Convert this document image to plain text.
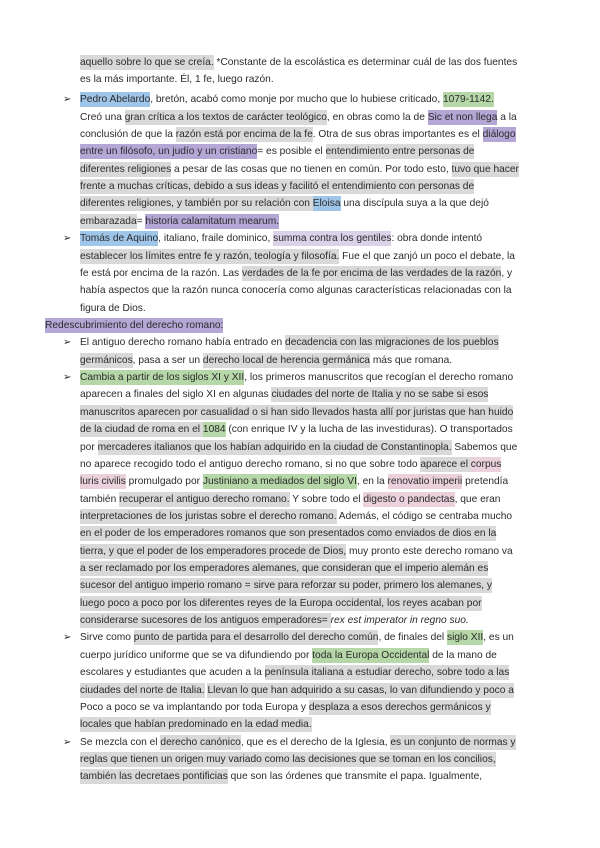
aquello sobre lo que se creía. *Constante de la escolástica es determinar cuál de las dos fuentes
es la más importante. Él, 1 fe, luego razón.
➢ Pedro Abelardo, bretón, acabó como monje por mucho que lo hubiese criticado, 1079-1142.
Creó una gran crítica a los textos de carácter teológico, en obras como la de Sic et non llega a la
conclusión de que la razón está por encima de la fe. Otra de sus obras importantes es el diálogo
entre un filósofo, un judío y un cristiano= es posible el entendimiento entre personas de
diferentes religiones a pesar de las cosas que no tienen en común. Por todo esto, tuvo que hacer
frente a muchas críticas, debido a sus ideas y facilitó el entendimiento con personas de
diferentes religiones, y también por su relación con Eloisa una discípula suya a la que dejó
embarazada= historia calamitatum mearum.
➢ Tomás de Aquino, italiano, fraile dominico, summa contra los gentiles: obra donde intentó
establecer los límites entre fe y razón, teología y filosofía. Fue el que zanjó un poco el debate, la
fe está por encima de la razón. Las verdades de la fe por encima de las verdades de la razón, y
había aspectos que la razón nunca conocería como algunas características relacionadas con la
figura de Dios.
Redescubrimiento del derecho romano:
➢ El antiguo derecho romano había entrado en decadencia con las migraciones de los pueblos
germánicos, pasa a ser un derecho local de herencia germánica más que romana.
➢ Cambia a partir de los siglos XI y XII, los primeros manuscritos que recogían el derecho romano
aparecen a finales del siglo XI en algunas ciudades del norte de Italia y no se sabe si esos
manuscritos aparecen por casualidad o si han sido llevados hasta allí por juristas que han huido
de la ciudad de roma en el 1084 (con enrique IV y la lucha de las investiduras). O transportados
por mercaderes italianos que los habían adquirido en la ciudad de Constantinopla. Sabemos que
no aparece recogido todo el antiguo derecho romano, si no que sobre todo aparece el corpus
luris civilis promulgado por Justiniano a mediados del siglo VI, en la renovatio imperii pretendía
también recuperar el antiguo derecho romano. Y sobre todo el digesto o pandectas, que eran
interpretaciones de los juristas sobre el derecho romano. Además, el código se centraba mucho
en el poder de los emperadores romanos que son presentados como enviados de dios en la
tierra, y que el poder de los emperadores procede de Dios, muy pronto este derecho romano va
a ser reclamado por los emperadores alemanes, que consideran que el imperio alemán es
sucesor del antiguo imperio romano = sirve para reforzar su poder, primero los alemanes, y
luego poco a poco por los diferentes reyes de la Europa occidental, los reyes acaban por
considerarse sucesores de los antiguos emperadores= rex est imperator in regno suo.
➢ Sirve como punto de partida para el desarrollo del derecho común, de finales del siglo XII, es un
cuerpo jurídico uniforme que se va difundiendo por toda la Europa Occidental de la mano de
escolares y estudiantes que acuden a la península italiana a estudiar derecho, sobre todo a las
ciudades del norte de Italia. Llevan lo que han adquirido a su casas, lo van difundiendo y poco a
Poco a poco se va implantando por toda Europa y desplaza a esos derechos germánicos y
locales que habían predominado en la edad media.
➢ Se mezcla con el derecho canónico, que es el derecho de la Iglesia, es un conjunto de normas y
reglas que tienen un origen muy variado como las decisiones que se toman en los concilios,
también las decretaes pontificias que son las órdenes que transmite el papa. Igualmente,
